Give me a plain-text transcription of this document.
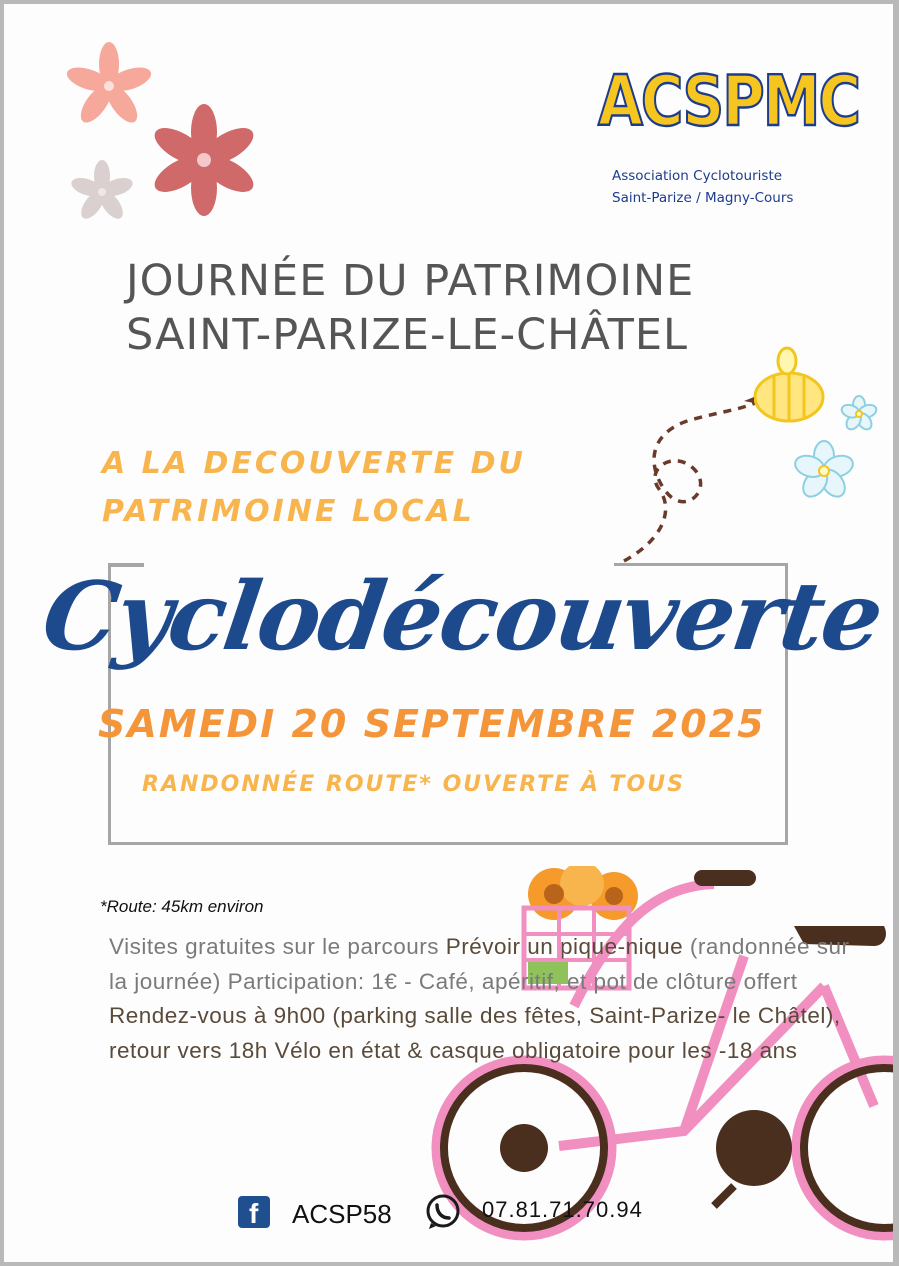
ACSPMC
Association Cyclotouriste
Saint-Parize / Magny-Cours
JOURNÉE DU PATRIMOINE
SAINT-PARIZE-LE-CHÂTEL
A LA DECOUVERTE DU
PATRIMOINE LOCAL
Cyclodécouverte
SAMEDI 20 SEPTEMBRE 2025
RANDONNÉE ROUTE* OUVERTE À TOUS
*Route: 45km environ
Visites gratuites sur le parcours Prévoir un pique-nique (randonnée sur la journée) Participation: 1€ - Café, apéritif, et pot de clôture offert Rendez-vous à 9h00 (parking salle des fêtes, Saint-Parize- le Châtel), retour vers 18h Vélo en état & casque obligatoire pour les -18 ans
f ACSP58	07.81.71.70.94
